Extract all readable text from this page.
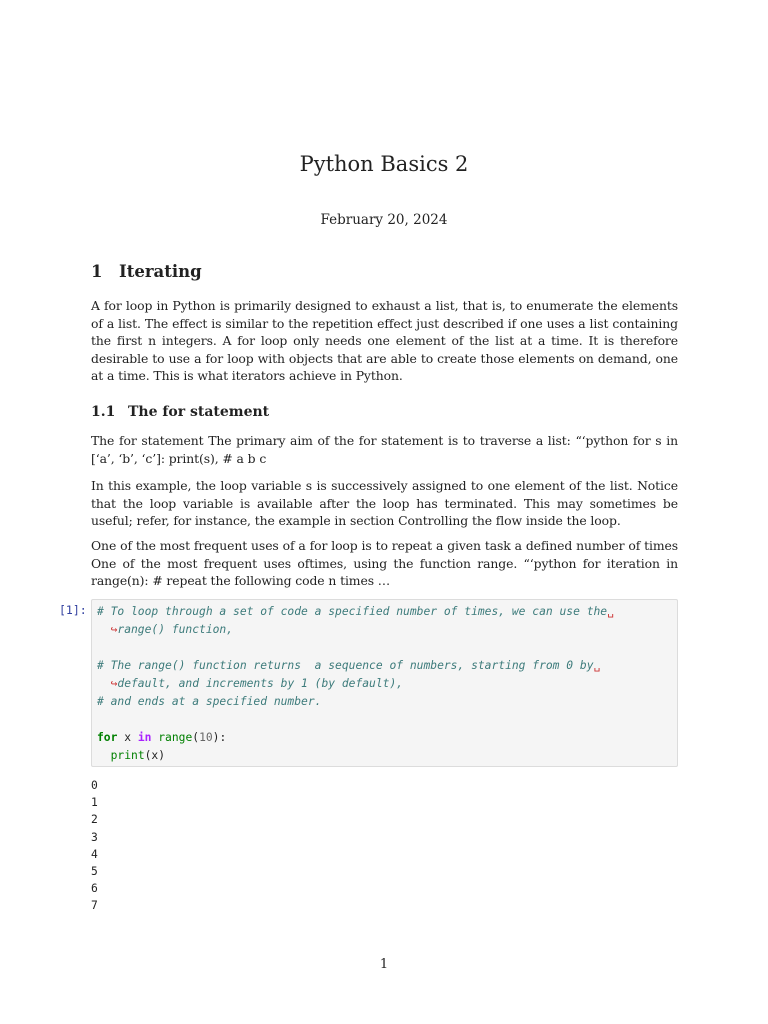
Python Basics 2
February 20, 2024
1 Iterating

A for loop in Python is primarily designed to exhaust a list, that is, to enumerate the elements of a list. The effect is similar to the repetition effect just described if one uses a list containing the first n integers. A for loop only needs one element of the list at a time. It is therefore desirable to use a for loop with objects that are able to create those elements on demand, one at a time. This is what iterators achieve in Python.

1.1 The for statement

The for statement The primary aim of the for statement is to traverse a list: “‘python for s in [‘a’, ‘b’, ‘c’]: print(s), # a b c

In this example, the loop variable s is successively assigned to one element of the list. Notice that the loop variable is available after the loop has terminated. This may sometimes be useful; refer, for instance, the example in section Controlling the flow inside the loop.

One of the most frequent uses of a for loop is to repeat a given task a defined number of times One of the most frequent uses oftimes, using the function range. “‘python for iteration in range(n): # repeat the following code n times …

[1]: # To loop through a set of code a specified number of times, we can use the␣
↪range() function,

# The range() function returns  a sequence of numbers, starting from 0 by␣
↪default, and increments by 1 (by default),
# and ends at a specified number.

for x in range(10):
print(x)
0
1
2
3
4
5
6
7
1
